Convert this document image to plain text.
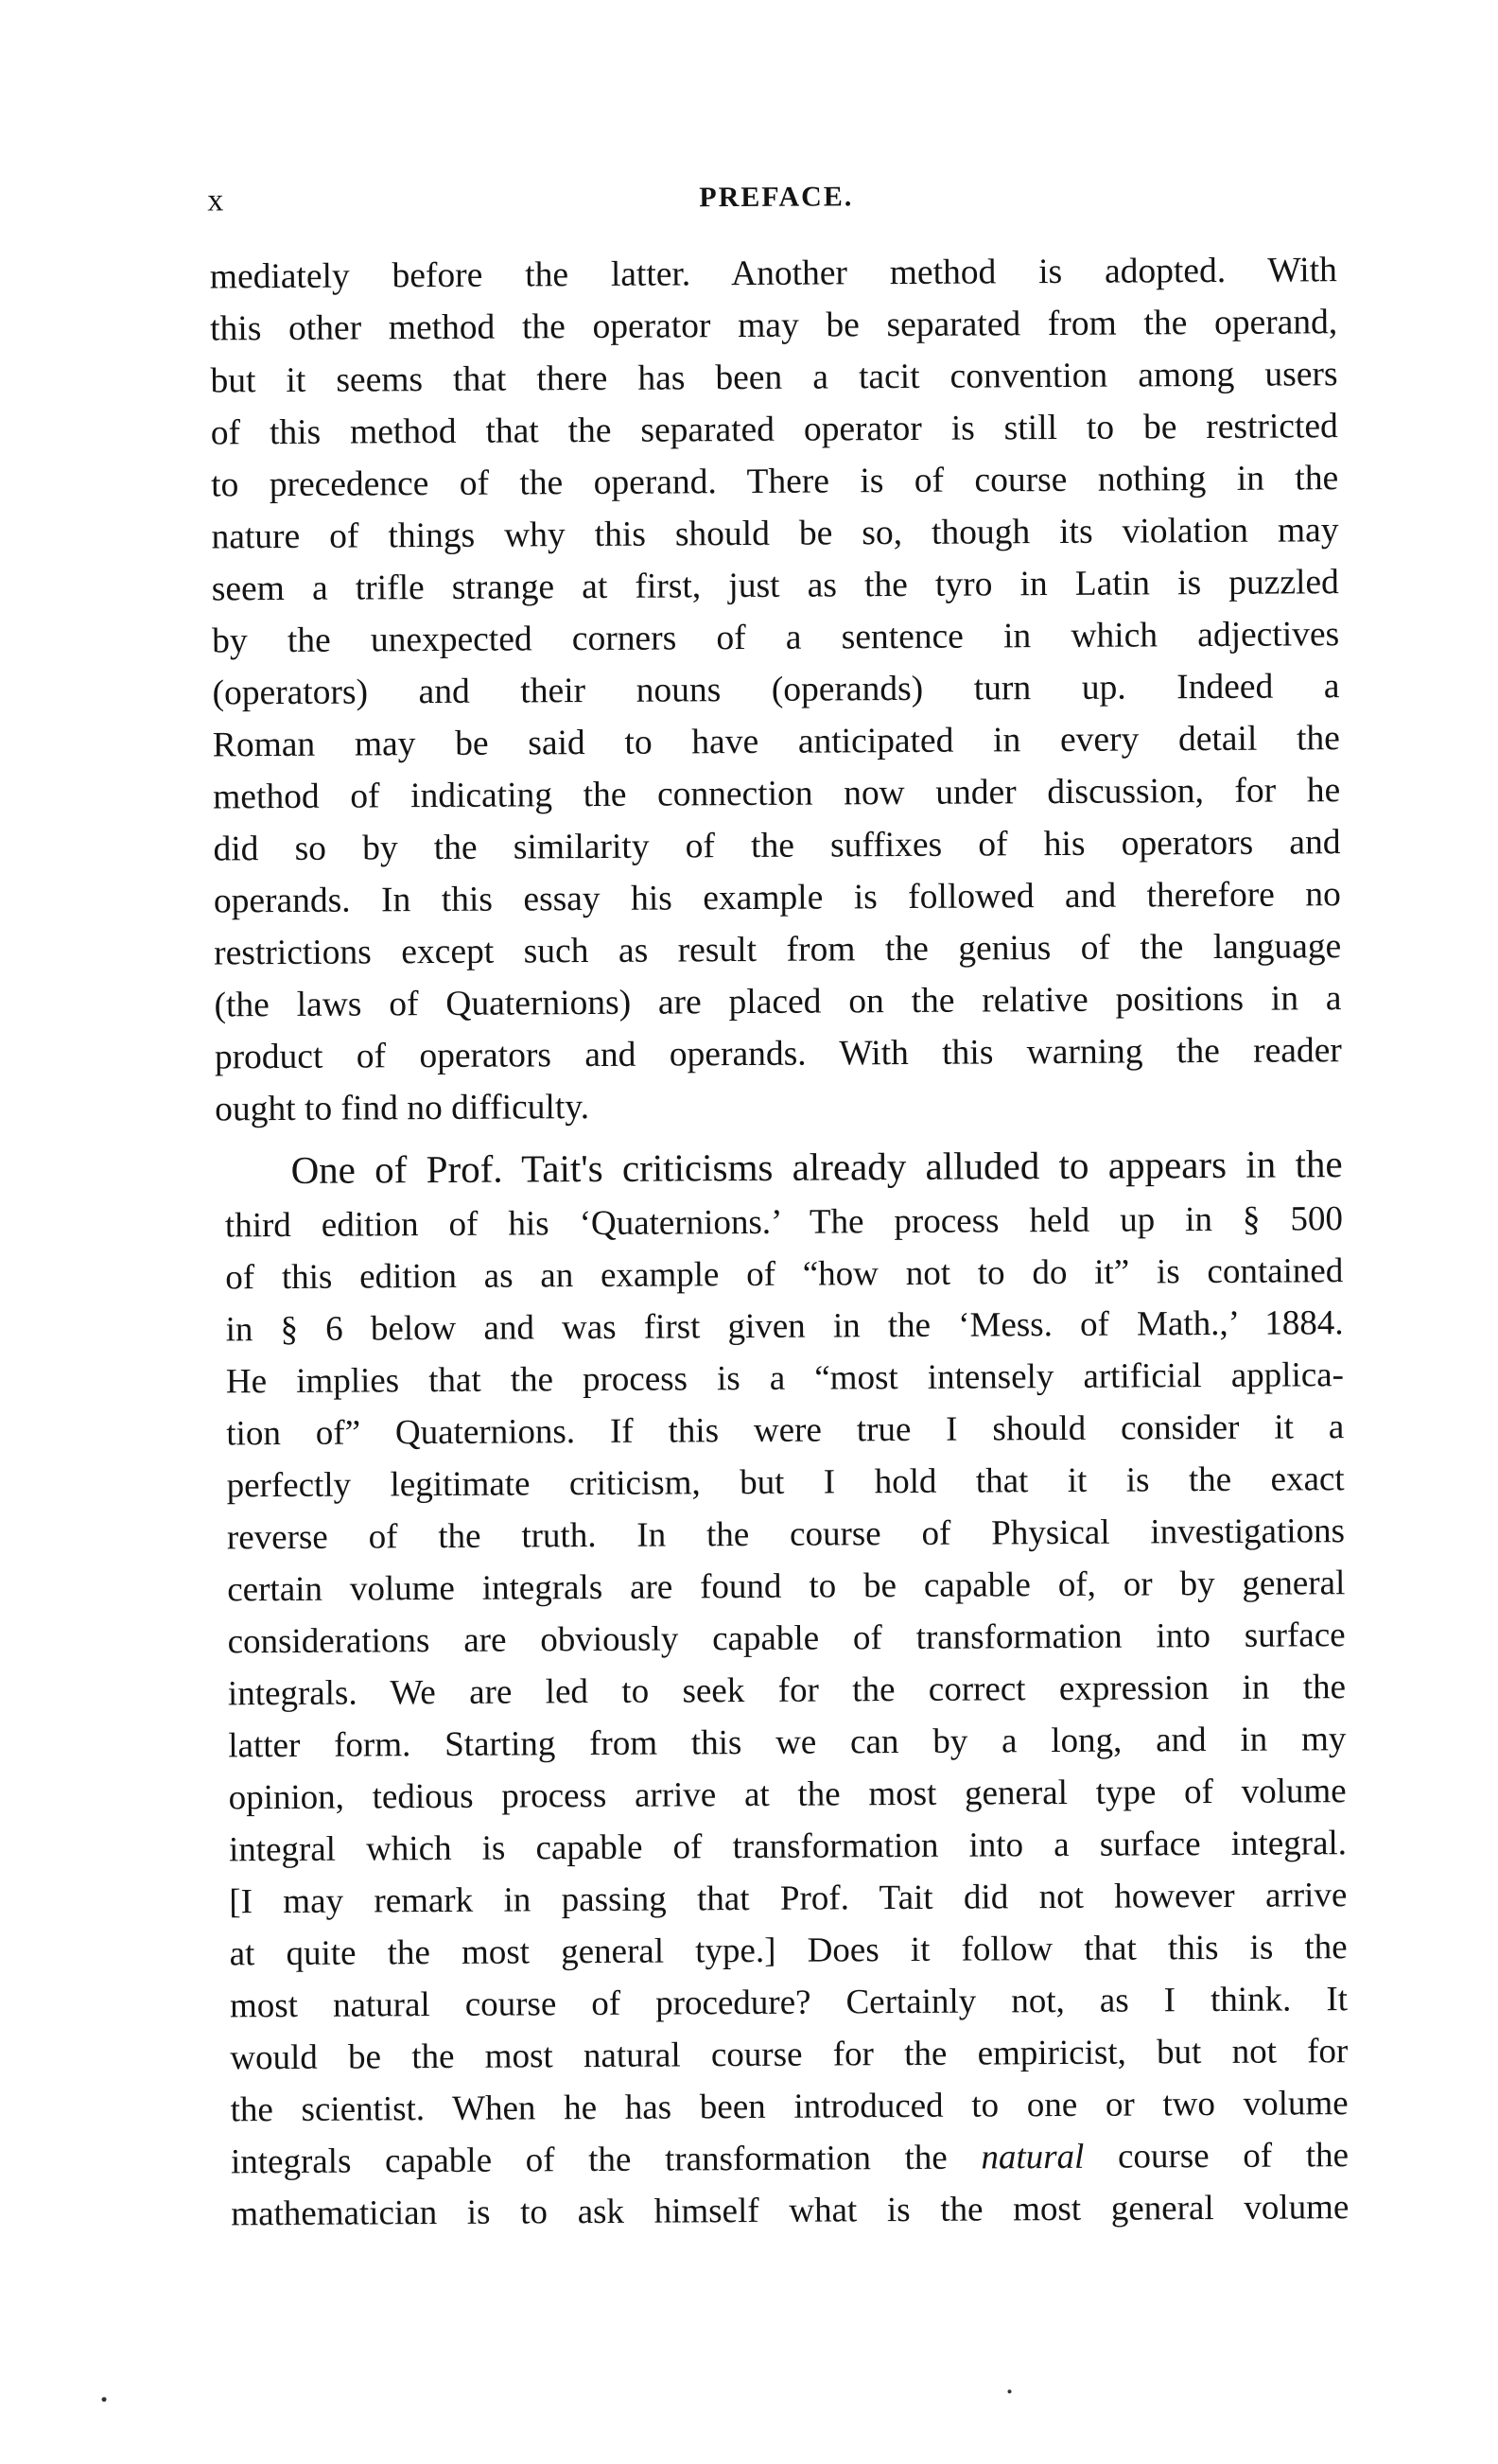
x	PREFACE.
mediately before the latter. Another method is adopted. With
this other method the operator may be separated from the operand,
but it seems that there has been a tacit convention among users
of this method that the separated operator is still to be restricted
to precedence of the operand. There is of course nothing in the
nature of things why this should be so, though its violation may
seem a trifle strange at first, just as the tyro in Latin is puzzled
by the unexpected corners of a sentence in which adjectives
(operators) and their nouns (operands) turn up. Indeed a
Roman may be said to have anticipated in every detail the
method of indicating the connection now under discussion, for he
did so by the similarity of the suffixes of his operators and
operands. In this essay his example is followed and therefore no
restrictions except such as result from the genius of the language
(the laws of Quaternions) are placed on the relative positions in a
product of operators and operands. With this warning the reader
ought to find no difficulty.
One of Prof. Tait's criticisms already alluded to appears in the
third edition of his ‘Quaternions.’ The process held up in § 500
of this edition as an example of “how not to do it” is contained
in § 6 below and was first given in the ‘Mess. of Math.,’ 1884.
He implies that the process is a “most intensely artificial applica-
tion of” Quaternions. If this were true I should consider it a
perfectly legitimate criticism, but I hold that it is the exact
reverse of the truth. In the course of Physical investigations
certain volume integrals are found to be capable of, or by general
considerations are obviously capable of transformation into surface
integrals. We are led to seek for the correct expression in the
latter form. Starting from this we can by a long, and in my
opinion, tedious process arrive at the most general type of volume
integral which is capable of transformation into a surface integral.
[I may remark in passing that Prof. Tait did not however arrive
at quite the most general type.] Does it follow that this is the
most natural course of procedure? Certainly not, as I think. It
would be the most natural course for the empiricist, but not for
the scientist. When he has been introduced to one or two volume
integrals capable of the transformation the natural course of the
mathematician is to ask himself what is the most general volume
